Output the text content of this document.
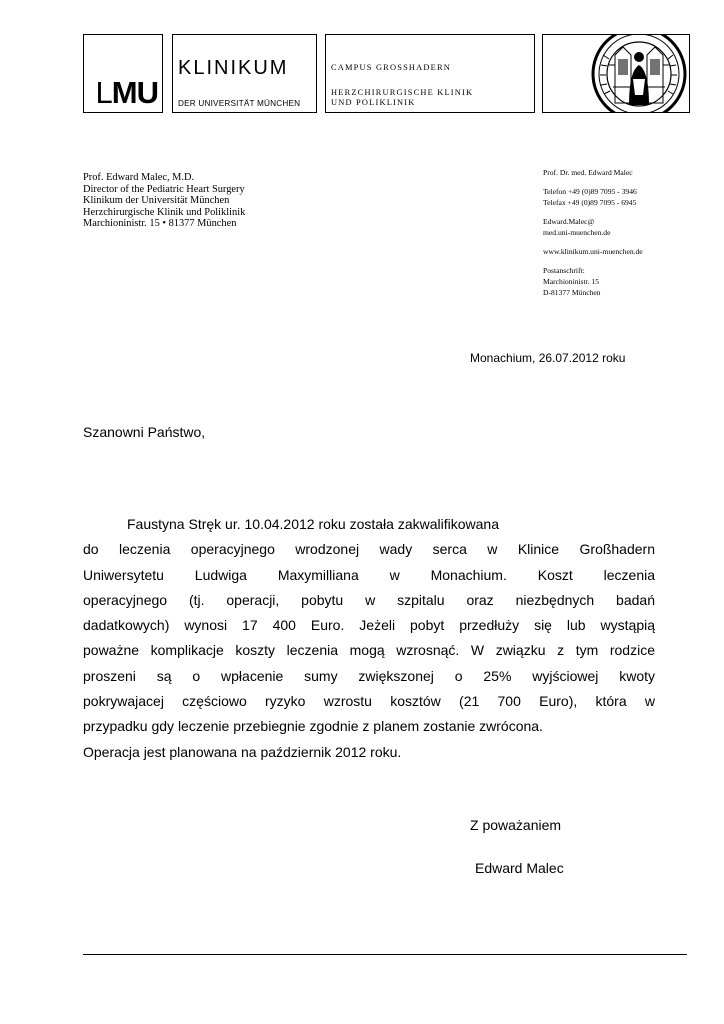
LMU
KLINIKUM
DER UNIVERSITÄT MÜNCHEN
CAMPUS GROSSHADERN
HERZCHIRURGISCHE KLINIK
UND POLIKLINIK
Prof. Edward Malec, M.D.
Director of the Pediatric Heart Surgery
Klinikum der Universität München
Herzchirurgische Klinik und Poliklinik
Marchioninistr. 15 • 81377 München
Prof. Dr. med. Edward Malec
Telefon +49 (0)89 7095 - 3946
Telefax +49 (0)89 7095 - 6945
Edward.Malec@
med.uni-muenchen.de
www.klinikum.uni-muenchen.de
Postanschrift:
Marchioninistr. 15
D-81377 München
Monachium, 26.07.2012 roku
Szanowni Państwo,
Faustyna Stręk ur. 10.04.2012 roku została zakwalifikowana
do leczenia operacyjnego wrodzonej wady serca w Klinice Großhadern
Uniwersytetu Ludwiga Maxymilliana w Monachium. Koszt leczenia
operacyjnego (tj. operacji, pobytu w szpitalu oraz niezbędnych badań
dadatkowych) wynosi 17 400 Euro. Jeżeli pobyt przedłuży się lub wystąpią
poważne komplikacje koszty leczenia mogą wzrosnąć. W związku z tym rodzice
proszeni są o wpłacenie sumy zwiększonej o 25% wyjściowej kwoty
pokrywajacej częściowo ryzyko wzrostu kosztów (21 700 Euro), która w
przypadku gdy leczenie przebiegnie zgodnie z planem zostanie zwrócona.
Operacja jest planowana na październik 2012 roku.
Z poważaniem
Edward Malec
